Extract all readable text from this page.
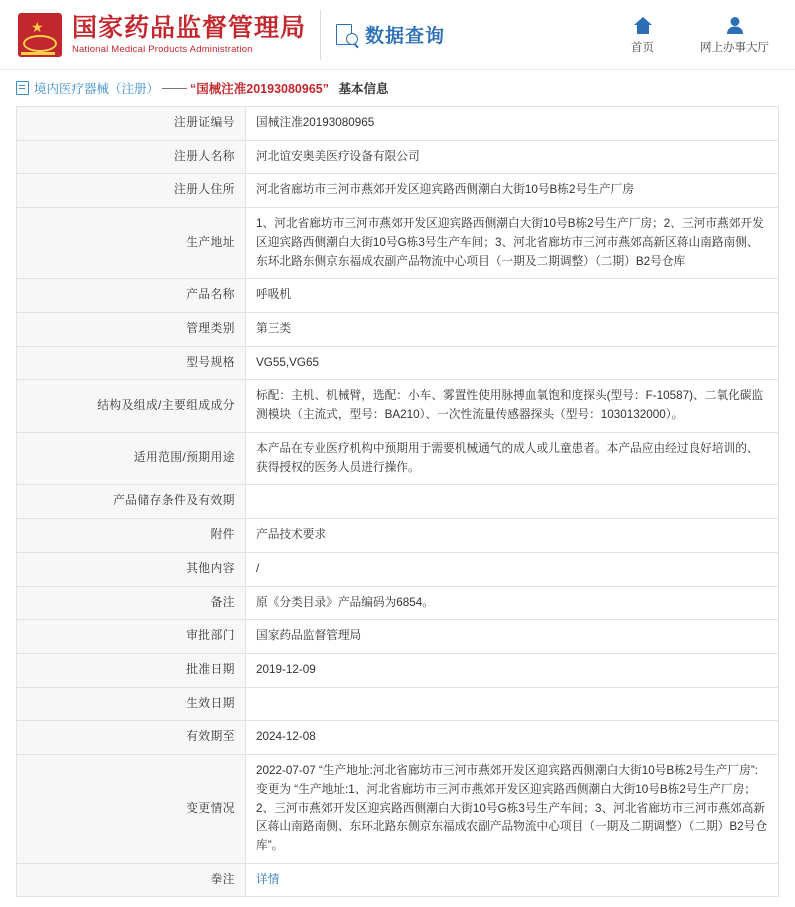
★ 国家药品监督管理局
National Medical Products Administration
数据查询
首页	网上办事大厅
境内医疗器械（注册） —— “国械注准20193080965”
基本信息
注册证编号	国械注准20193080965
注册人名称	河北谊安奥美医疗设备有限公司
注册人住所	河北省廊坊市三河市燕郊开发区迎宾路西侧潮白大街10号B栋2号生产厂房
生产地址	1、河北省廊坊市三河市燕郊开发区迎宾路西侧潮白大街10号B栋2号生产厂房；2、三河市燕郊开发区迎宾路西侧潮白大街10号G栋3号生产车间；3、河北省廊坊市三河市燕郊高新区蒋山南路南侧、东环北路东侧京东福成农副产品物流中心项目（一期及二期调整）（二期）B2号仓库
产品名称	呼吸机
管理类别	第三类
型号规格	VG55,VG65
结构及组成/主要组成成分	标配：主机、机械臂，选配：小车、雾置性使用脉搏血氧饱和度探头(型号：F-10587)、二氧化碳监测模块（主流式，型号：BA210）、一次性流量传感器探头（型号：1030132000）。
适用范围/预期用途	本产品在专业医疗机构中预期用于需要机械通气的成人或儿童患者。本产品应由经过良好培训的、获得授权的医务人员进行操作。
产品储存条件及有效期	
附件	产品技术要求
其他内容	/
备注	原《分类目录》产品编码为6854。
审批部门	国家药品监督管理局
批准日期	2019-12-09
生效日期	
有效期至	2024-12-08
变更情况	2022-07-07 “生产地址:河北省廊坊市三河市燕郊开发区迎宾路西侧潮白大街10号B栋2号生产厂房”:变更为 “生产地址:1、河北省廊坊市三河市燕郊开发区迎宾路西侧潮白大街10号B栋2号生产厂房；2、三河市燕郊开发区迎宾路西侧潮白大街10号G栋3号生产车间；3、河北省廊坊市三河市燕郊高新区蒋山南路南侧、东环北路东侧京东福成农副产品物流中心项目（一期及二期调整）（二期）B2号仓库”。
拳注	详情
